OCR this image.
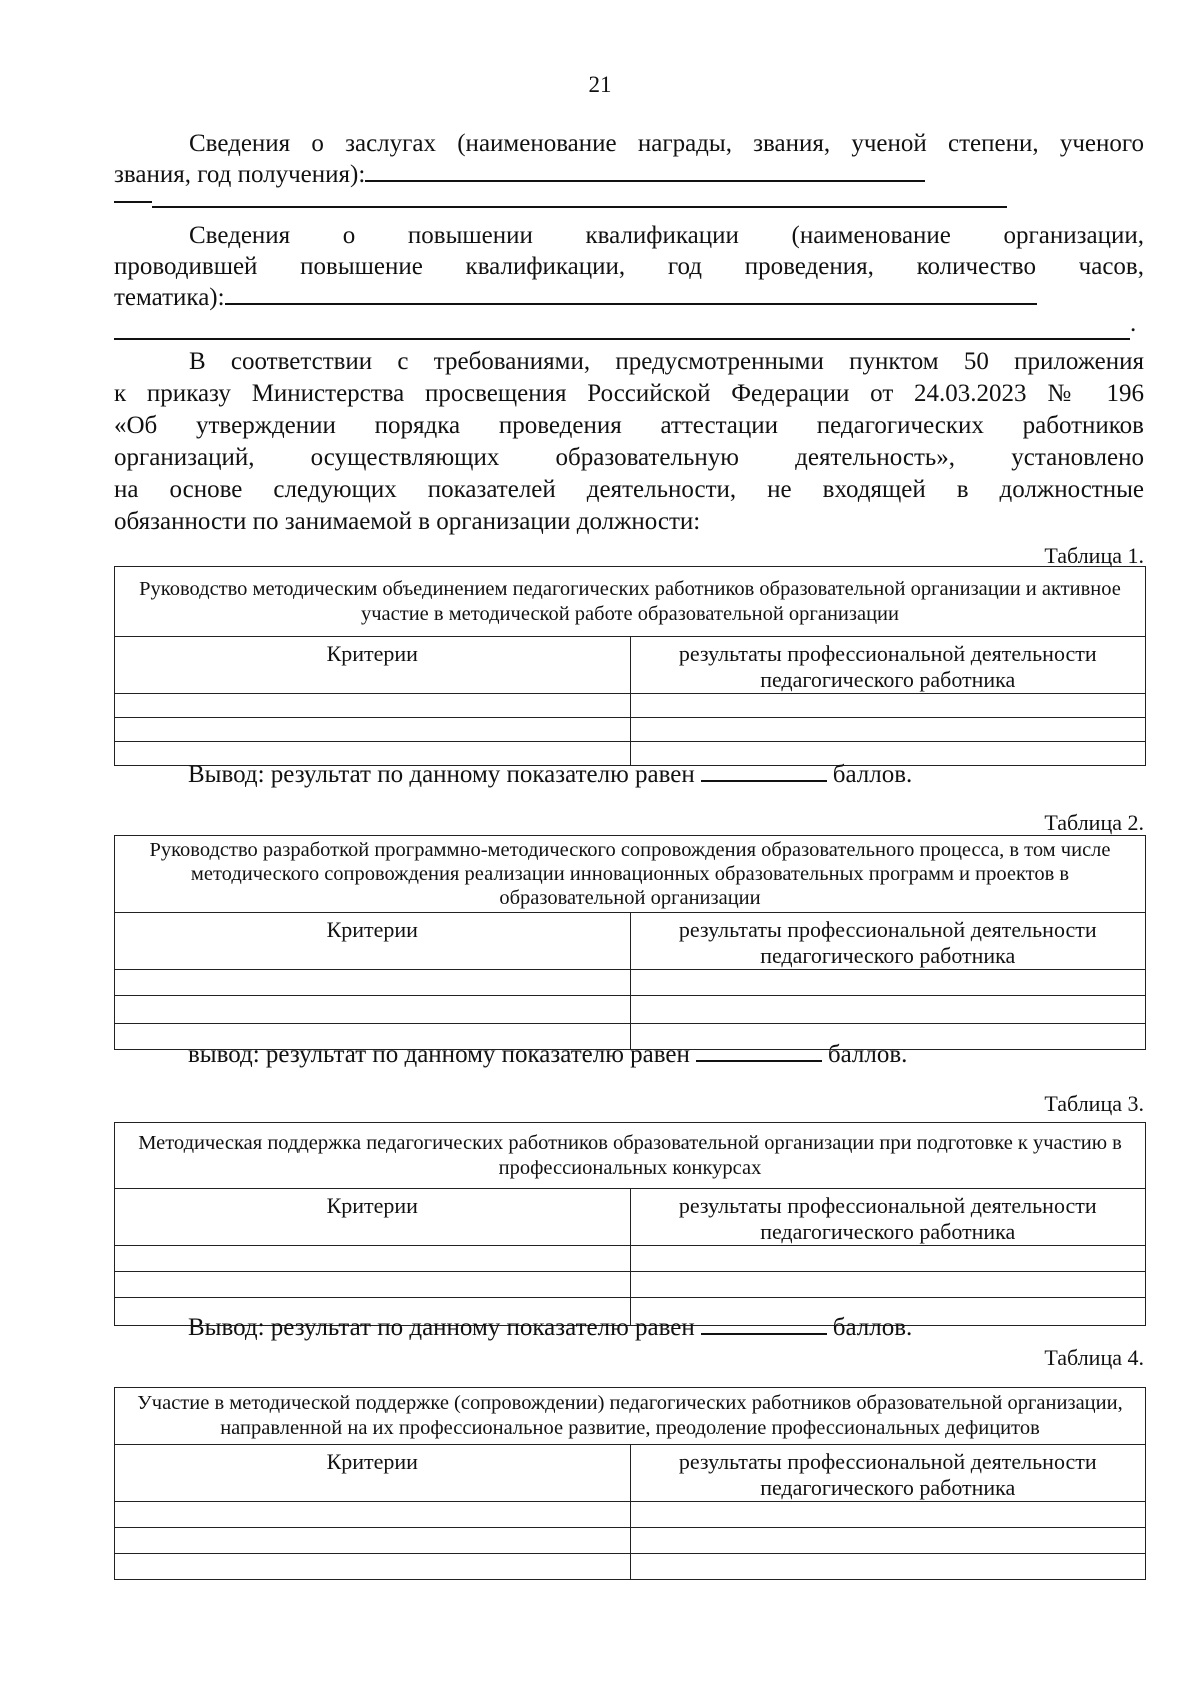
21

Сведения о заслугах (наименование награды, звания, ученой степени, ученого

звания, год получения):

Сведения о повышении квалификации (наименование организации,

проводившей повышение квалификации, год проведения, количество часов,

тематика):

.

В соответствии с требованиями, предусмотренными пунктом 50 приложения

к приказу Министерства просвещения Российской Федерации от 24.03.2023 № 196

«Об утверждении порядка проведения аттестации педагогических работников

организаций, осуществляющих образовательную деятельность», установлено

на основе следующих показателей деятельности, не входящей в должностные

обязанности по занимаемой в организации должности:

Таблица 1.
Руководство методическим объединением педагогических работников образовательной организации и активное участие в методической работе образовательной организации	
Критерии	результаты профессиональной деятельности педагогического работника

Вывод: результат по данному показателю равен	баллов.
Таблица 2.
Руководство разработкой программно-методического сопровождения образовательного процесса, в том числе методического сопровождения реализации инновационных образовательных программ и проектов в образовательной организации	
Критерии	результаты профессиональной деятельности педагогического работника

вывод: результат по данному показателю равен	баллов.
Таблица 3.
Методическая поддержка педагогических работников образовательной организации при подготовке к участию в профессиональных конкурсах	
Критерии	результаты профессиональной деятельности педагогического работника

Вывод: результат по данному показателю равен	баллов.
Таблица 4.
Участие в методической поддержке (сопровождении) педагогических работников образовательной организации, направленной на их профессиональное развитие, преодоление профессиональных дефицитов	
Критерии	результаты профессиональной деятельности педагогического работника
